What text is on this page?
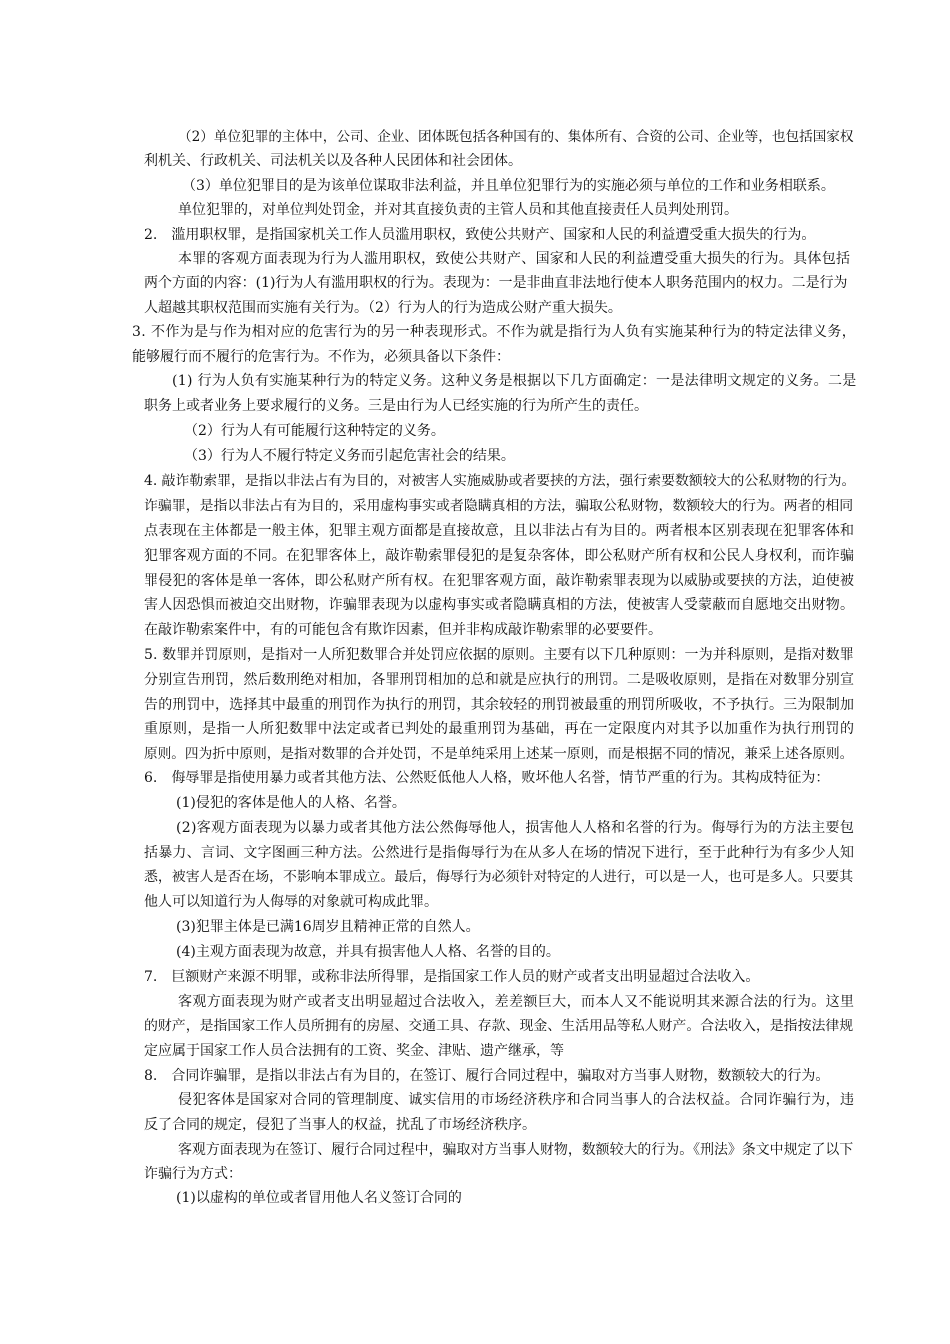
（2）单位犯罪的主体中，公司、企业、团体既包括各种国有的、集体所有、合资的公司、企业等，也包括国家权
利机关、行政机关、司法机关以及各种人民团体和社会团体。
（3）单位犯罪目的是为该单位谋取非法利益，并且单位犯罪行为的实施必须与单位的工作和业务相联系。
单位犯罪的，对单位判处罚金，并对其直接负责的主管人员和其他直接责任人员判处刑罚。
2.　滥用职权罪，是指国家机关工作人员滥用职权，致使公共财产、国家和人民的利益遭受重大损失的行为。
本罪的客观方面表现为行为人滥用职权，致使公共财产、国家和人民的利益遭受重大损失的行为。具体包括
两个方面的内容：(1)行为人有滥用职权的行为。表现为：一是非曲直非法地行使本人职务范围内的权力。二是行为
人超越其职权范围而实施有关行为。（2）行为人的行为造成公财产重大损失。
3. 不作为是与作为相对应的危害行为的另一种表现形式。不作为就是指行为人负有实施某种行为的特定法律义务，
能够履行而不履行的危害行为。不作为，必须具备以下条件：
(1) 行为人负有实施某种行为的特定义务。这种义务是根据以下几方面确定：一是法律明文规定的义务。二是
职务上或者业务上要求履行的义务。三是由行为人已经实施的行为所产生的责任。
（2）行为人有可能履行这种特定的义务。
（3）行为人不履行特定义务而引起危害社会的结果。
4. 敲诈勒索罪，是指以非法占有为目的，对被害人实施威胁或者要挟的方法，强行索要数额较大的公私财物的行为。
诈骗罪，是指以非法占有为目的，采用虚构事实或者隐瞒真相的方法，骗取公私财物，数额较大的行为。两者的相同
点表现在主体都是一般主体，犯罪主观方面都是直接故意，且以非法占有为目的。两者根本区别表现在犯罪客体和
犯罪客观方面的不同。在犯罪客体上，敲诈勒索罪侵犯的是复杂客体，即公私财产所有权和公民人身权利，而诈骗
罪侵犯的客体是单一客体，即公私财产所有权。在犯罪客观方面，敲诈勒索罪表现为以威胁或要挟的方法，迫使被
害人因恐惧而被迫交出财物，诈骗罪表现为以虚构事实或者隐瞒真相的方法，使被害人受蒙蔽而自愿地交出财物。
在敲诈勒索案件中，有的可能包含有欺诈因素，但并非构成敲诈勒索罪的必要要件。
5. 数罪并罚原则，是指对一人所犯数罪合并处罚应依据的原则。主要有以下几种原则：一为并科原则，是指对数罪
分别宣告刑罚，然后数刑绝对相加，各罪刑罚相加的总和就是应执行的刑罚。二是吸收原则，是指在对数罪分别宣
告的刑罚中，选择其中最重的刑罚作为执行的刑罚，其余较轻的刑罚被最重的刑罚所吸收，不予执行。三为限制加
重原则，是指一人所犯数罪中法定或者已判处的最重刑罚为基础，再在一定限度内对其予以加重作为执行刑罚的
原则。四为折中原则，是指对数罪的合并处罚，不是单纯采用上述某一原则，而是根据不同的情况，兼采上述各原则。
6.　侮辱罪是指使用暴力或者其他方法、公然贬低他人人格，败坏他人名誉，情节严重的行为。其构成特征为：
(1)侵犯的客体是他人的人格、名誉。
(2)客观方面表现为以暴力或者其他方法公然侮辱他人，损害他人人格和名誉的行为。侮辱行为的方法主要包
括暴力、言词、文字图画三种方法。公然进行是指侮辱行为在从多人在场的情况下进行，至于此种行为有多少人知
悉，被害人是否在场，不影响本罪成立。最后，侮辱行为必须针对特定的人进行，可以是一人，也可是多人。只要其
他人可以知道行为人侮辱的对象就可构成此罪。
(3)犯罪主体是已满16周岁且精神正常的自然人。
(4)主观方面表现为故意，并具有损害他人人格、名誉的目的。
7.　巨额财产来源不明罪，或称非法所得罪，是指国家工作人员的财产或者支出明显超过合法收入。
客观方面表现为财产或者支出明显超过合法收入，差差额巨大，而本人又不能说明其来源合法的行为。这里
的财产，是指国家工作人员所拥有的房屋、交通工具、存款、现金、生活用品等私人财产。合法收入，是指按法律规
定应属于国家工作人员合法拥有的工资、奖金、津贴、遗产继承，等
8.　合同诈骗罪，是指以非法占有为目的，在签订、履行合同过程中，骗取对方当事人财物，数额较大的行为。
侵犯客体是国家对合同的管理制度、诚实信用的市场经济秩序和合同当事人的合法权益。合同诈骗行为，违
反了合同的规定，侵犯了当事人的权益，扰乱了市场经济秩序。
客观方面表现为在签订、履行合同过程中，骗取对方当事人财物，数额较大的行为。《刑法》条文中规定了以下
诈骗行为方式：
(1)以虚构的单位或者冒用他人名义签订合同的
